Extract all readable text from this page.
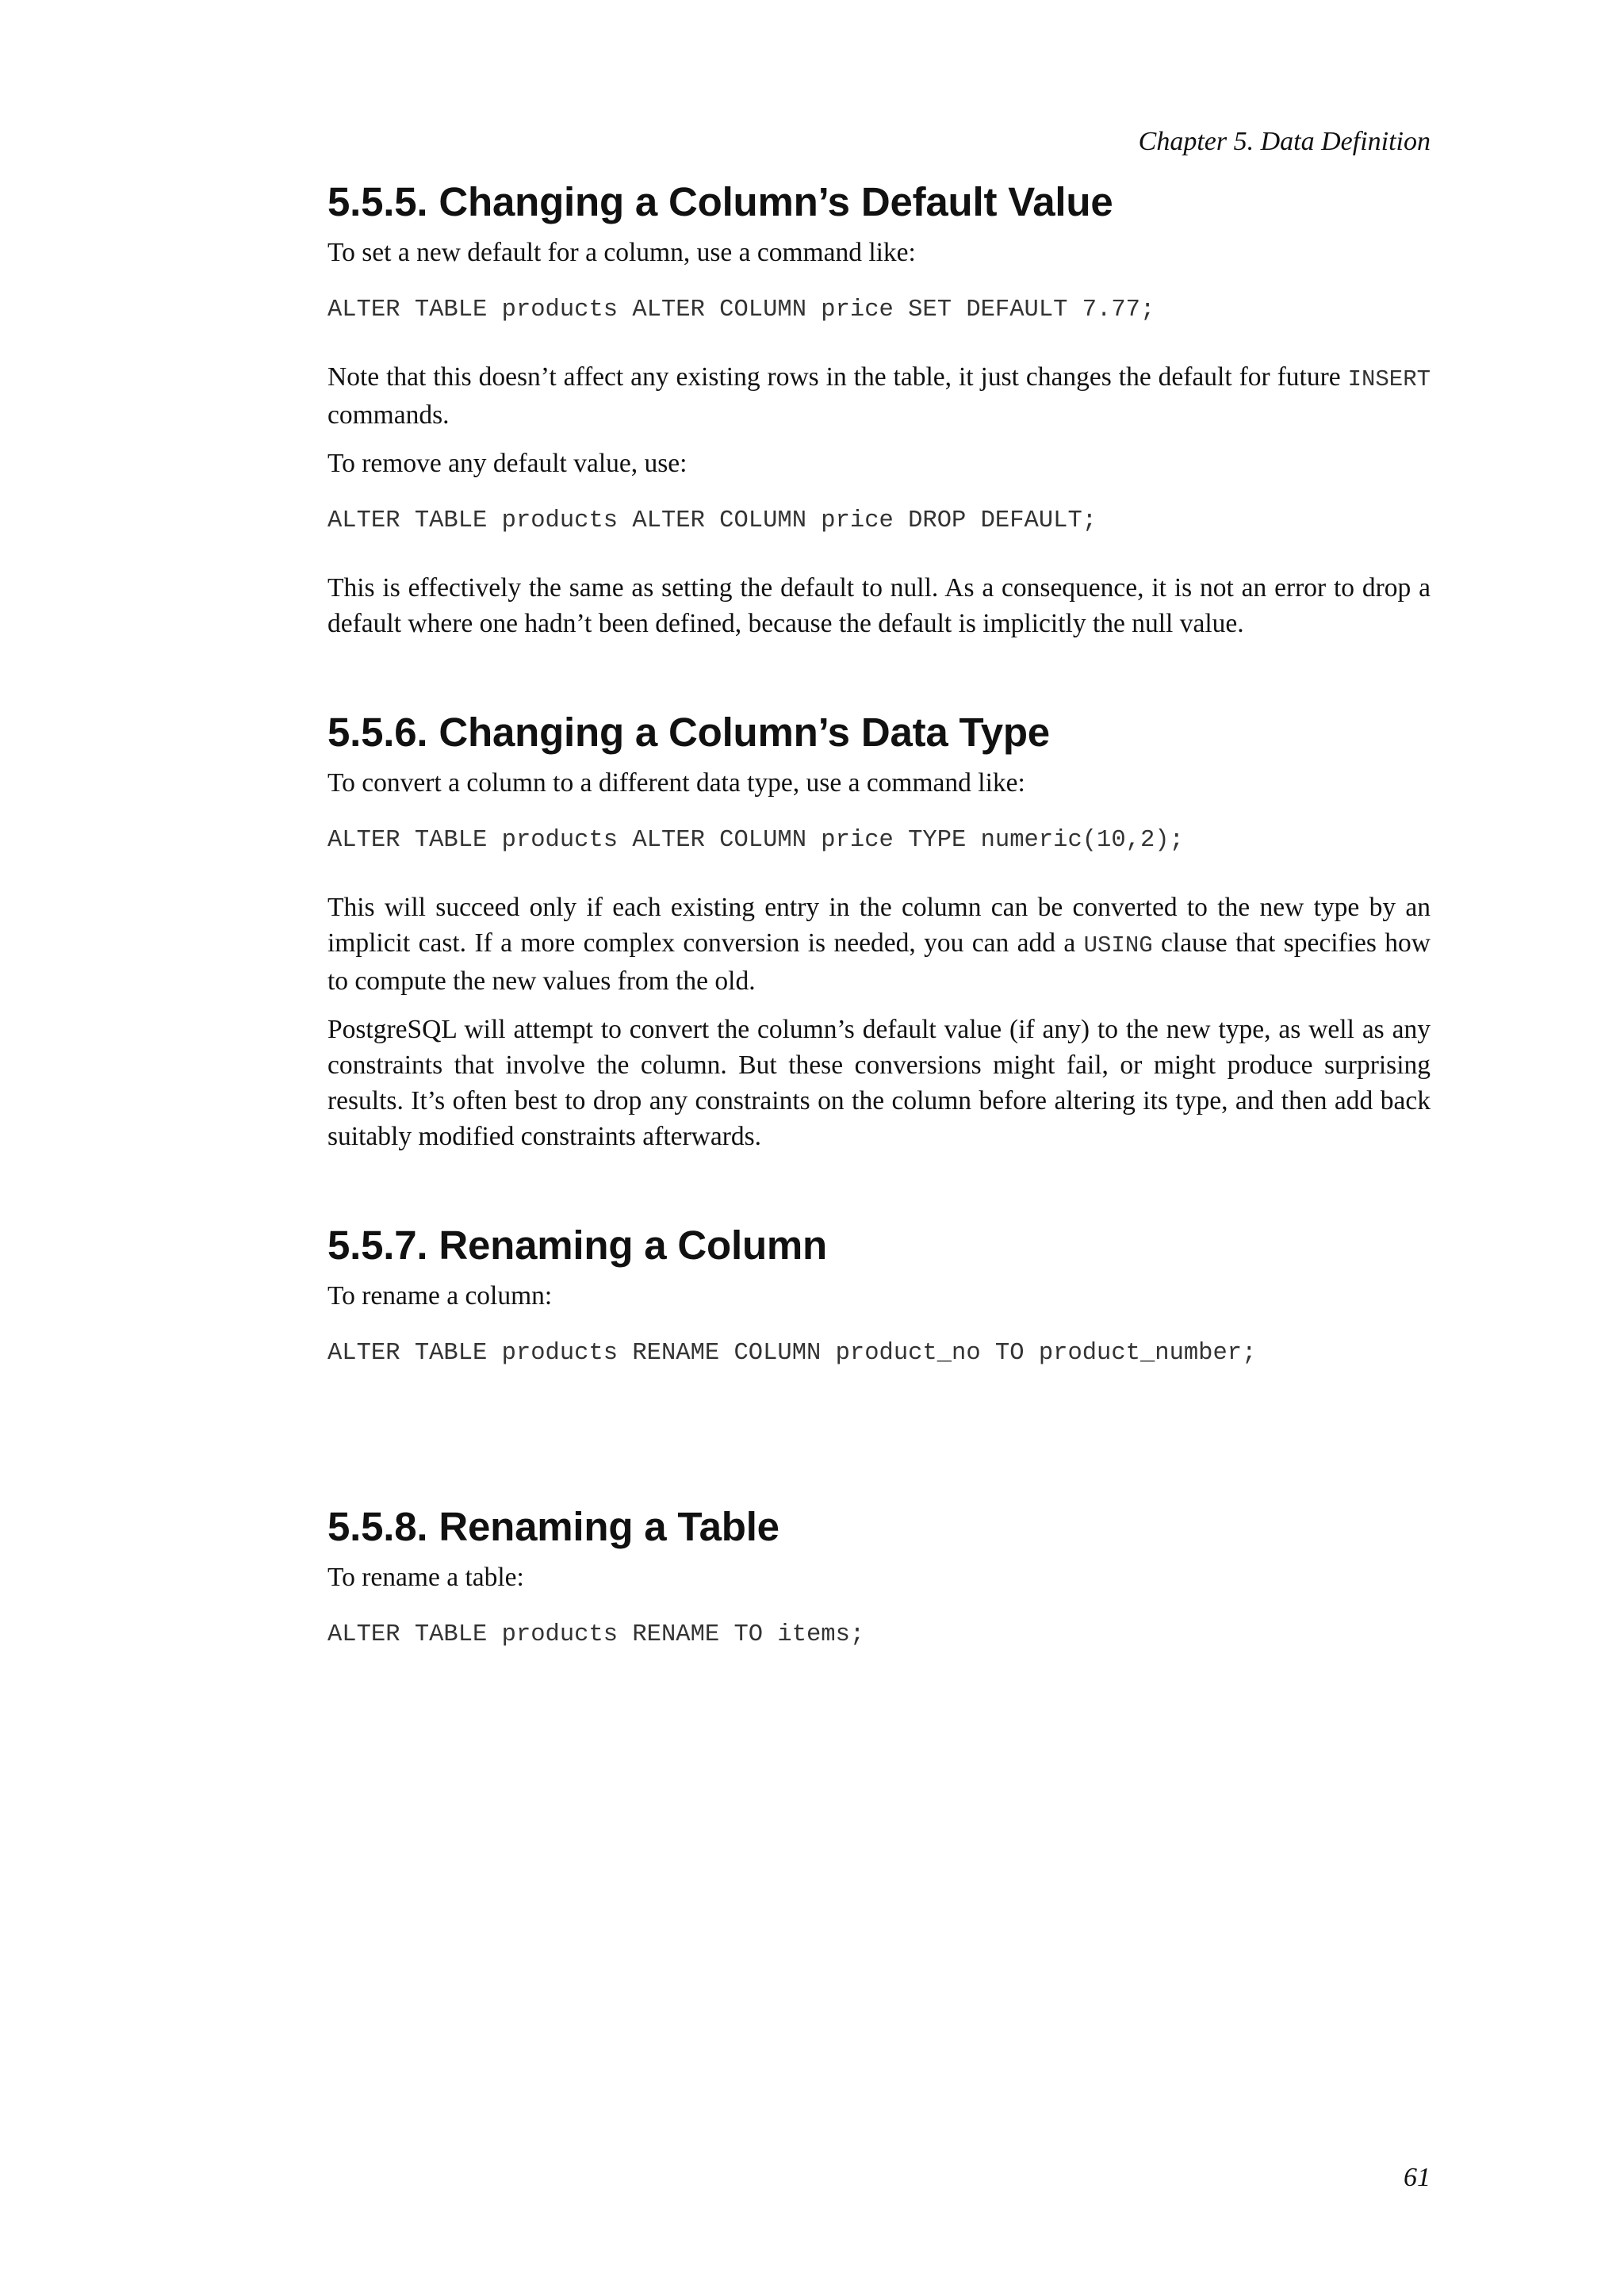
Chapter 5. Data Definition
5.5.5. Changing a Column’s Default Value

To set a new default for a column, use a command like:

ALTER TABLE products ALTER COLUMN price SET DEFAULT 7.77;

Note that this doesn’t affect any existing rows in the table, it just changes the default for future INSERT commands.

To remove any default value, use:

ALTER TABLE products ALTER COLUMN price DROP DEFAULT;

This is effectively the same as setting the default to null. As a consequence, it is not an error to drop a default where one hadn’t been defined, because the default is implicitly the null value.

5.5.6. Changing a Column’s Data Type

To convert a column to a different data type, use a command like:

ALTER TABLE products ALTER COLUMN price TYPE numeric(10,2);

This will succeed only if each existing entry in the column can be converted to the new type by an implicit cast. If a more complex conversion is needed, you can add a USING clause that specifies how to compute the new values from the old.

PostgreSQL will attempt to convert the column’s default value (if any) to the new type, as well as any constraints that involve the column. But these conversions might fail, or might produce surprising results. It’s often best to drop any constraints on the column before altering its type, and then add back suitably modified constraints afterwards.

5.5.7. Renaming a Column

To rename a column:

ALTER TABLE products RENAME COLUMN product_no TO product_number;
5.5.8. Renaming a Table

To rename a table:

ALTER TABLE products RENAME TO items;
61
